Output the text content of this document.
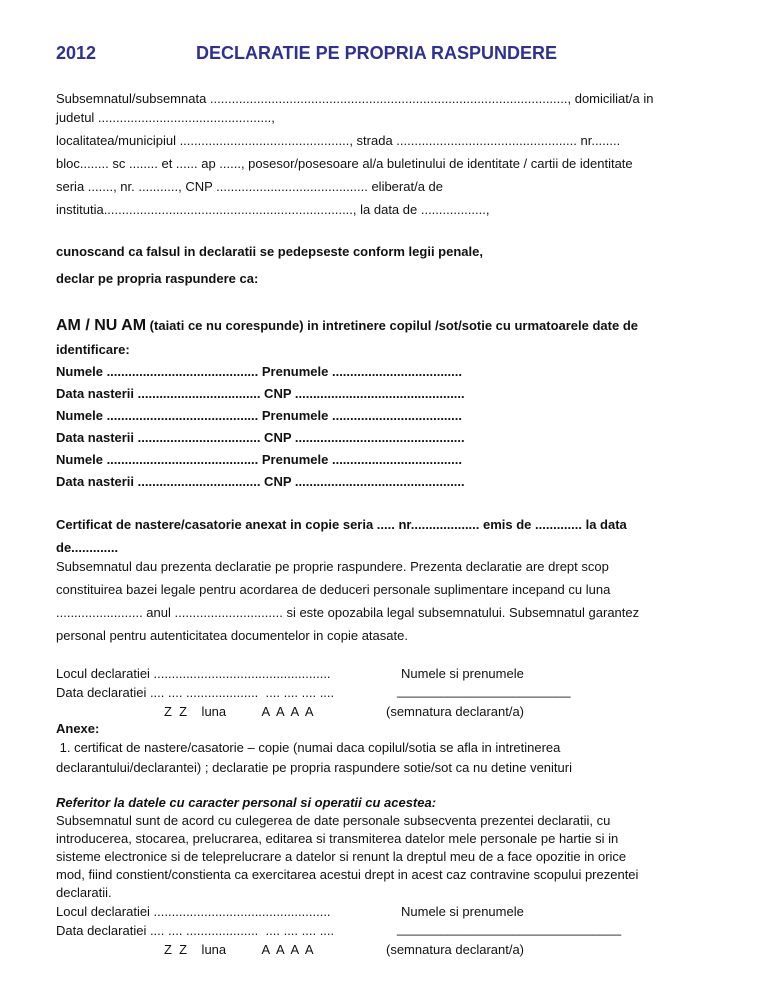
2012	DECLARATIE PE PROPRIA RASPUNDERE
Subsemnatul/subsemnata ..................................................................................................., domiciliat/a in
judetul ................................................,
localitatea/municipiul ..............................................., strada .................................................. nr........
bloc........ sc ........ et ...... ap ......, posesor/posesoare al/a buletinului de identitate / cartii de identitate
seria ......., nr. ..........., CNP .......................................... eliberat/a de
institutia....................................................................., la data de ..................,
cunoscand ca falsul in declaratii se pedepseste conform legii penale,
declar pe propria raspundere ca:
AM / NU AM (taiati ce nu corespunde) in intretinere copilul /sot/sotie cu urmatoarele date de
identificare:
Numele .......................................... Prenumele ....................................
Data nasterii .................................. CNP ...............................................
Numele .......................................... Prenumele ....................................
Data nasterii .................................. CNP ...............................................
Numele .......................................... Prenumele ....................................
Data nasterii .................................. CNP ...............................................
Certificat de nastere/casatorie anexat in copie seria ..... nr................... emis de ............. la data
de.............
Subsemnatul dau prezenta declaratie pe proprie raspundere. Prezenta declaratie are drept scop
constituirea bazei legale pentru acordarea de deduceri personale suplimentare incepand cu luna
........................ anul .............................. si este opozabila legal subsemnatului. Subsemnatul garantez
personal pentru autenticitatea documentelor in copie atasate.
Locul declaratiei .................................................	Numele si prenumele
Data declaratiei .... .... ....................  .... .... .... ....	________________________
Z  Z    luna          A  A  A  A	(semnatura declarant/a)
Anexe:
1. certificat de nastere/casatorie – copie (numai daca copilul/sotia se afla in intretinerea
declarantului/declarantei) ; declaratie pe propria raspundere sotie/sot ca nu detine venituri
Referitor la datele cu caracter personal si operatii cu acestea:
Subsemnatul sunt de acord cu culegerea de date personale subsecventa prezentei declaratii, cu
introducerea, stocarea, prelucrarea, editarea si transmiterea datelor mele personale pe hartie si in
sisteme electronice si de teleprelucrare a datelor si renunt la dreptul meu de a face opozitie in orice
mod, fiind constient/constienta ca exercitarea acestui drept in acest caz contravine scopului prezentei
declaratii.
Locul declaratiei .................................................	Numele si prenumele
Data declaratiei .... .... ....................  .... .... .... ....	_______________________________
Z  Z    luna          A  A  A  A	(semnatura declarant/a)
